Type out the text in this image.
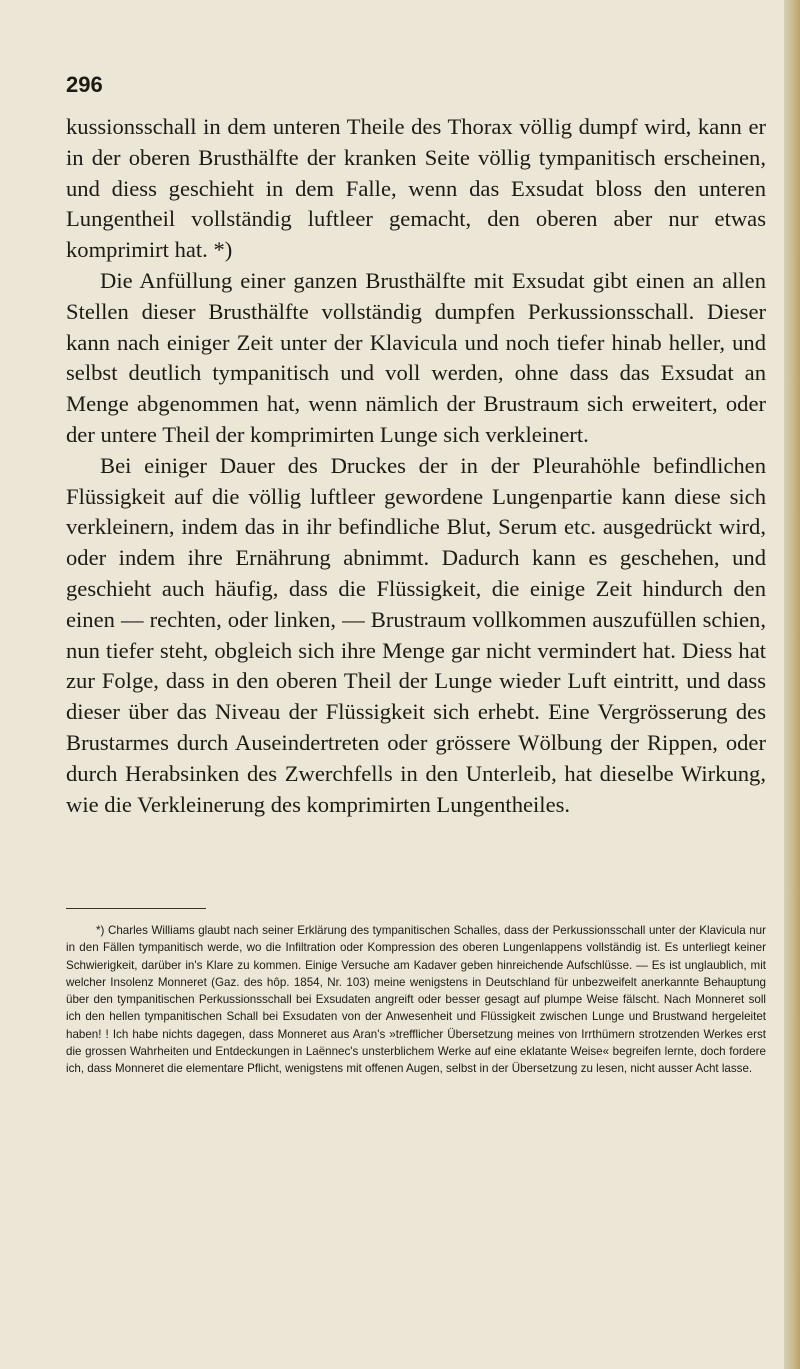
296

kussionsschall in dem unteren Theile des Thorax völlig dumpf wird, kann er in der oberen Brusthälfte der kranken Seite völlig tympanitisch erscheinen, und diess geschieht in dem Falle, wenn das Exsudat bloss den unteren Lungentheil vollständig luftleer gemacht, den oberen aber nur etwas komprimirt hat. *)

Die Anfüllung einer ganzen Brusthälfte mit Exsudat gibt einen an allen Stellen dieser Brusthälfte vollständig dumpfen Perkussionsschall. Dieser kann nach einiger Zeit unter der Klavicula und noch tiefer hinab heller, und selbst deutlich tympanitisch und voll werden, ohne dass das Exsudat an Menge abgenommen hat, wenn nämlich der Brustraum sich erweitert, oder der untere Theil der komprimirten Lunge sich verkleinert.

Bei einiger Dauer des Druckes der in der Pleurahöhle befindlichen Flüssigkeit auf die völlig luftleer gewordene Lungenpartie kann diese sich verkleinern, indem das in ihr befindliche Blut, Serum etc. ausgedrückt wird, oder indem ihre Ernährung abnimmt. Dadurch kann es geschehen, und geschieht auch häufig, dass die Flüssigkeit, die einige Zeit hindurch den einen — rechten, oder linken, — Brustraum vollkommen auszufüllen schien, nun tiefer steht, obgleich sich ihre Menge gar nicht vermindert hat. Diess hat zur Folge, dass in den oberen Theil der Lunge wieder Luft eintritt, und dass dieser über das Niveau der Flüssigkeit sich erhebt. Eine Vergrösserung des Brustarmes durch Auseindertreten oder grössere Wölbung der Rippen, oder durch Herabsinken des Zwerchfells in den Unterleib, hat dieselbe Wirkung, wie die Verkleinerung des komprimirten Lungentheiles.

*) Charles Williams glaubt nach seiner Erklärung des tympanitischen Schalles, dass der Perkussionsschall unter der Klavicula nur in den Fällen tympanitisch werde, wo die Infiltration oder Kompression des oberen Lungenlappens vollständig ist. Es unterliegt keiner Schwierigkeit, darüber in's Klare zu kommen. Einige Versuche am Kadaver geben hinreichende Aufschlüsse. — Es ist unglaublich, mit welcher Insolenz Monneret (Gaz. des hôp. 1854, Nr. 103) meine wenigstens in Deutschland für unbezweifelt anerkannte Behauptung über den tympanitischen Perkussionsschall bei Exsudaten angreift oder besser gesagt auf plumpe Weise fälscht. Nach Monneret soll ich den hellen tympanitischen Schall bei Exsudaten von der Anwesenheit und Flüssigkeit zwischen Lunge und Brustwand hergeleitet haben! ! Ich habe nichts dagegen, dass Monneret aus Aran's »trefflicher Übersetzung meines von Irrthümern strotzenden Werkes erst die grossen Wahrheiten und Entdeckungen in Laënnec's unsterblichem Werke auf eine eklatante Weise« begreifen lernte, doch fordere ich, dass Monneret die elementare Pflicht, wenigstens mit offenen Augen, selbst in der Übersetzung zu lesen, nicht ausser Acht lasse.
